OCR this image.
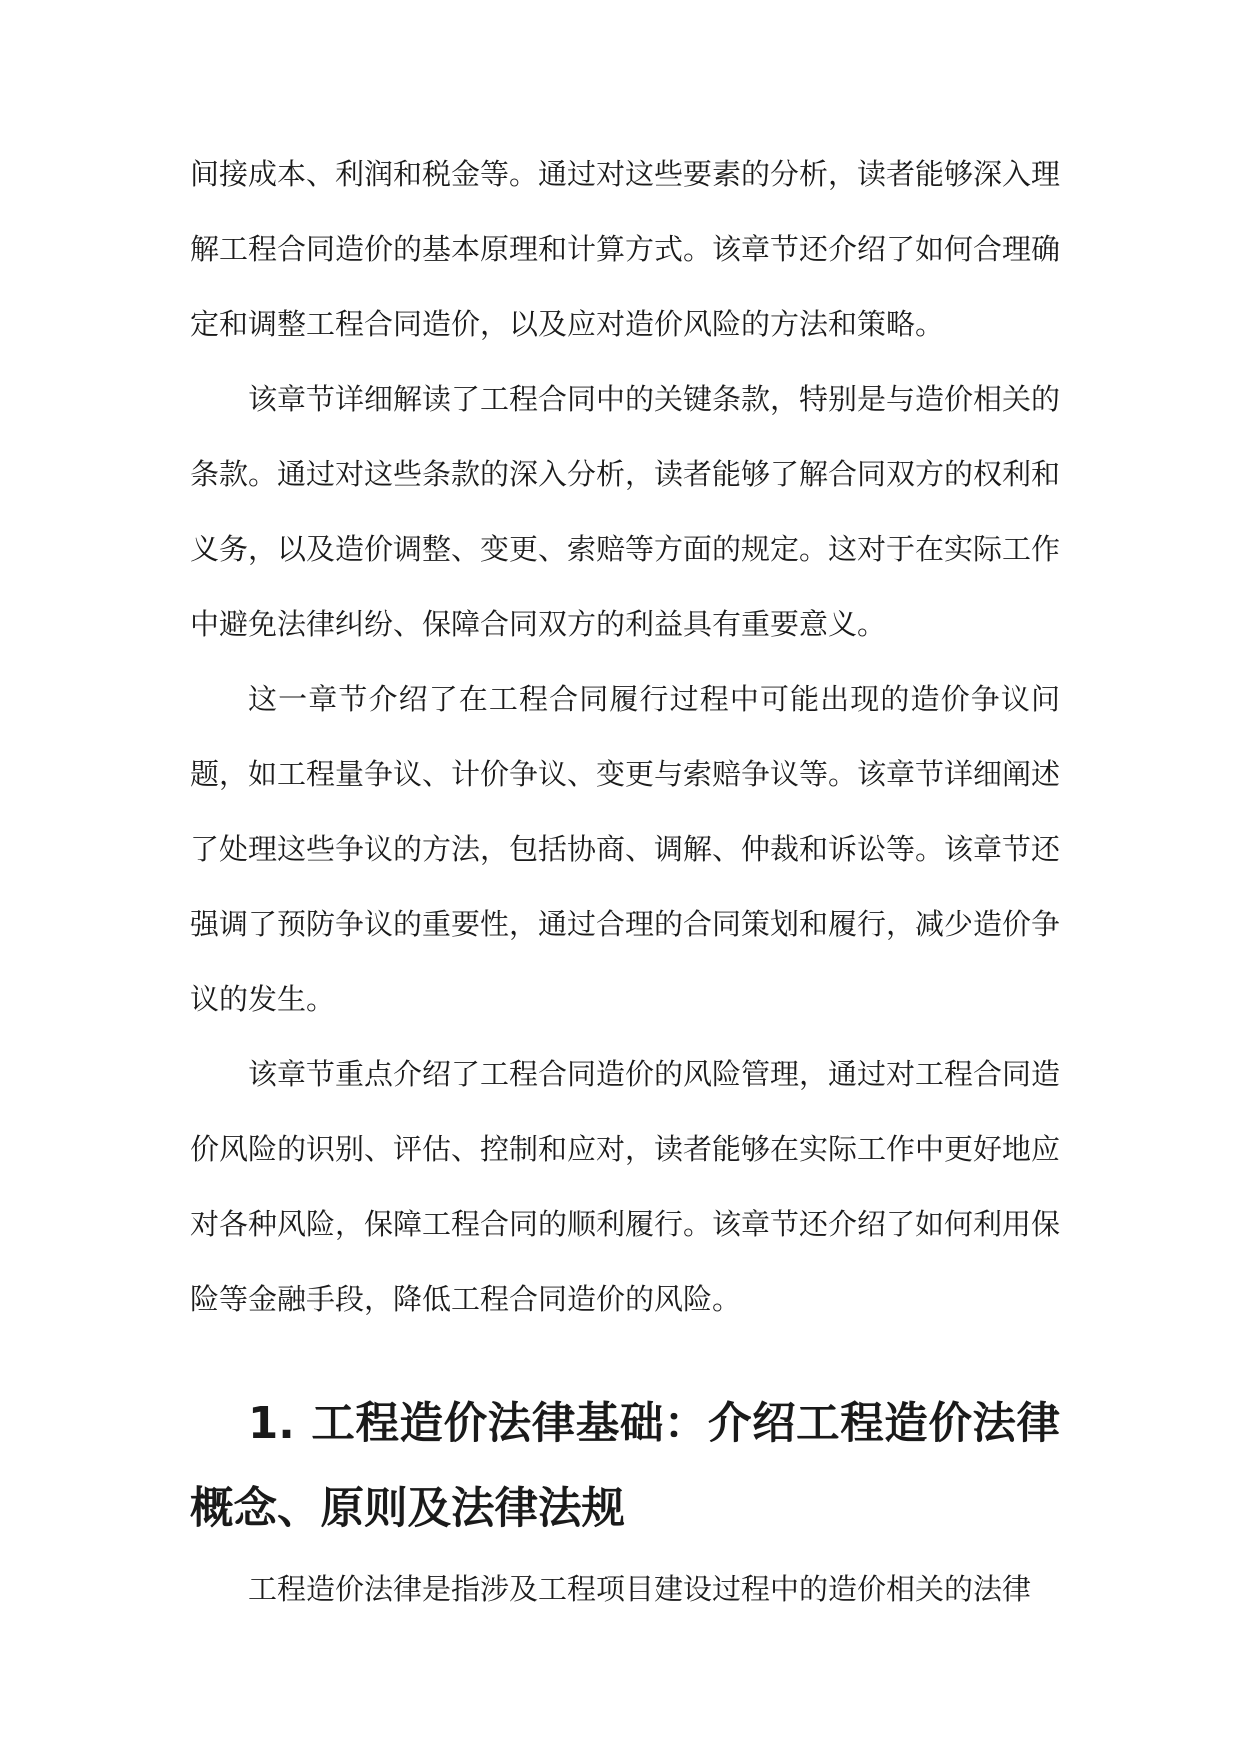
间接成本、利润和税金等。通过对这些要素的分析，读者能够深入理解工程合同造价的基本原理和计算方式。该章节还介绍了如何合理确定和调整工程合同造价，以及应对造价风险的方法和策略。

该章节详细解读了工程合同中的关键条款，特别是与造价相关的条款。通过对这些条款的深入分析，读者能够了解合同双方的权利和义务，以及造价调整、变更、索赔等方面的规定。这对于在实际工作中避免法律纠纷、保障合同双方的利益具有重要意义。

这一章节介绍了在工程合同履行过程中可能出现的造价争议问题，如工程量争议、计价争议、变更与索赔争议等。该章节详细阐述了处理这些争议的方法，包括协商、调解、仲裁和诉讼等。该章节还强调了预防争议的重要性，通过合理的合同策划和履行，减少造价争议的发生。

该章节重点介绍了工程合同造价的风险管理，通过对工程合同造价风险的识别、评估、控制和应对，读者能够在实际工作中更好地应对各种风险，保障工程合同的顺利履行。该章节还介绍了如何利用保险等金融手段，降低工程合同造价的风险。

1. 工程造价法律基础：介绍工程造价法律概念、原则及法律法规

工程造价法律是指涉及工程项目建设过程中的造价相关的法律
